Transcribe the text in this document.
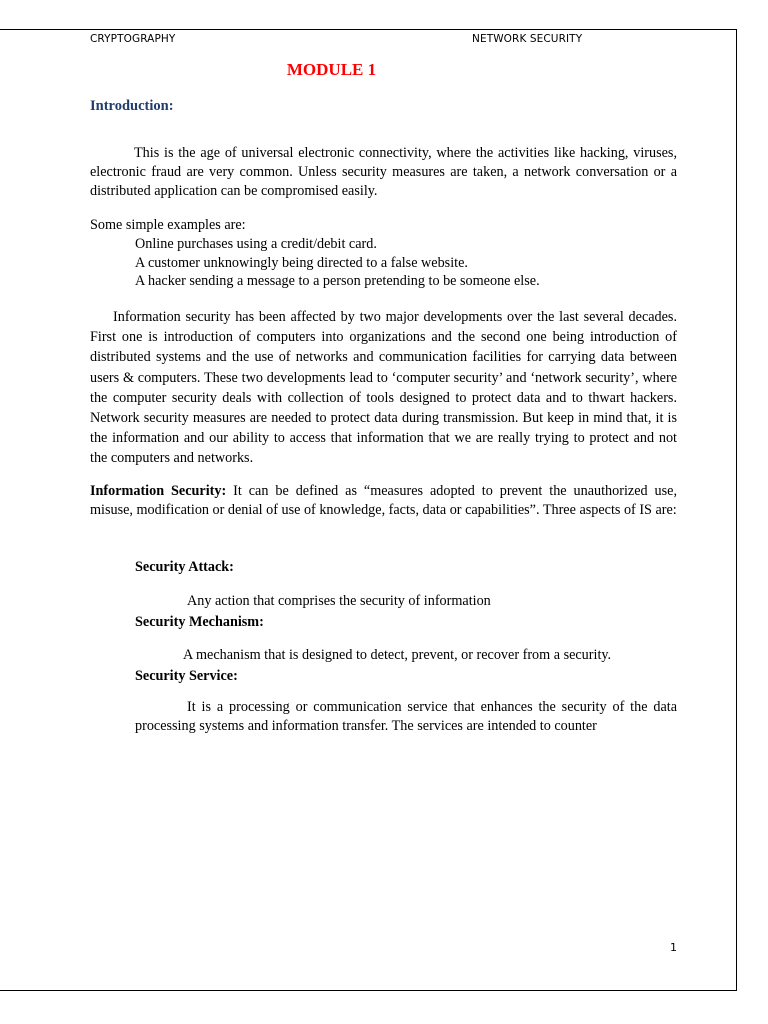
CRYPTOGRAPHY	NETWORK SECURITY
MODULE 1
Introduction:
This is the age of universal electronic connectivity, where the activities like hacking, viruses, electronic fraud are very common. Unless security measures are taken, a network conversation or a distributed application can be compromised easily.
Some simple examples are:
Online purchases using a credit/debit card.
A customer unknowingly being directed to a false website.
A hacker sending a message to a person pretending to be someone else.
Information security has been affected by two major developments over the last several decades. First one is introduction of computers into organizations and the second one being introduction of distributed systems and the use of networks and communication facilities for carrying data between users & computers. These two developments lead to ‘computer security’ and ‘network security’, where the computer security deals with collection of tools designed to protect data and to thwart hackers. Network security measures are needed to protect data during transmission. But keep in mind that, it is the information and our ability to access that information that we are really trying to protect and not the computers and networks.
Information Security: It can be defined as “measures adopted to prevent the unauthorized use, misuse, modification or denial of use of knowledge, facts, data or capabilities”. Three aspects of IS are:
Security Attack:
Any action that comprises the security of information
Security Mechanism:
A mechanism that is designed to detect, prevent, or recover from a security.
Security Service:
It is a processing or communication service that enhances the security of the data processing systems and information transfer. The services are intended to counter
1
